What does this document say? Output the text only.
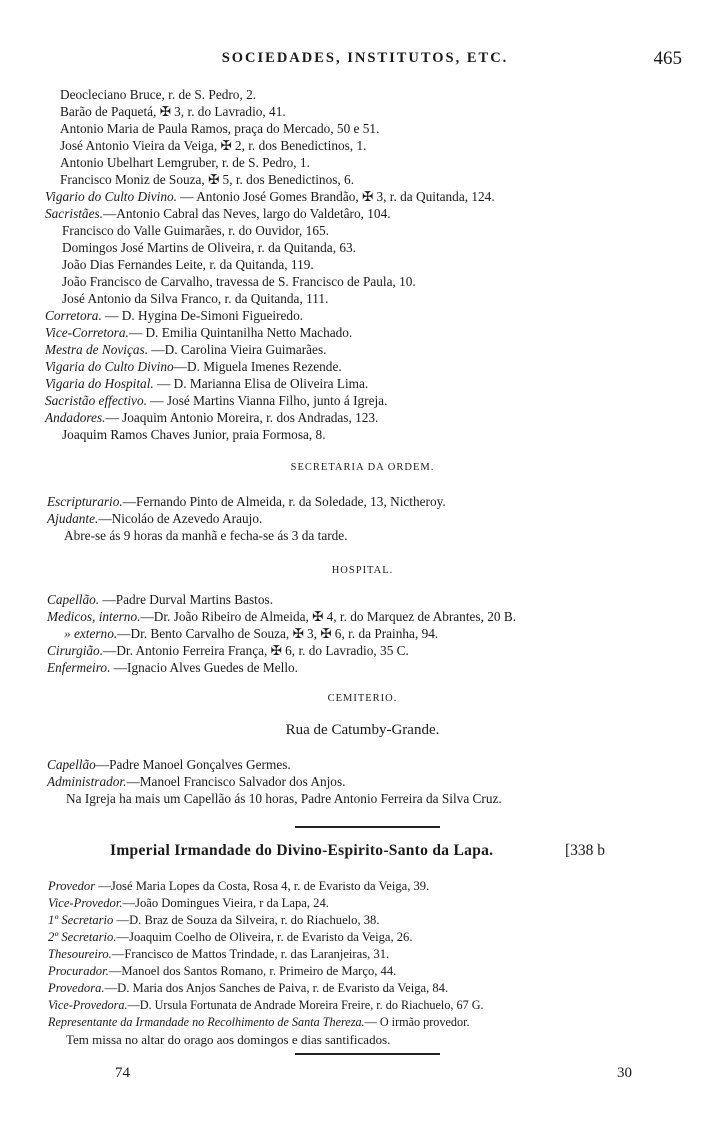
SOCIEDADES, INSTITUTOS, ETC.	465
Deocleciano Bruce, r. de S. Pedro, 2.
Barão de Paquetá, ✠ 3, r. do Lavradio, 41.
Antonio Maria de Paula Ramos, praça do Mercado, 50 e 51.
José Antonio Vieira da Veiga, ✠ 2, r. dos Benedictinos, 1.
Antonio Ubelhart Lemgruber, r. de S. Pedro, 1.
Francisco Moniz de Souza, ✠ 5, r. dos Benedictinos, 6.
Vigario do Culto Divino. — Antonio José Gomes Brandão, ✠ 3, r. da Quitanda, 124.
Sacristães.—Antonio Cabral das Neves, largo do Valdetâro, 104.
Francisco do Valle Guimarães, r. do Ouvidor, 165.
Domingos José Martins de Oliveira, r. da Quitanda, 63.
João Dias Fernandes Leite, r. da Quitanda, 119.
João Francisco de Carvalho, travessa de S. Francisco de Paula, 10.
José Antonio da Silva Franco, r. da Quitanda, 111.
Corretora. — D. Hygina De-Simoni Figueiredo.
Vice-Corretora.— D. Emilia Quintanilha Netto Machado.
Mestra de Noviças. —D. Carolina Vieira Guimarães.
Vigaria do Culto Divino—D. Miguela Imenes Rezende.
Vigaria do Hospital. — D. Marianna Elisa de Oliveira Lima.
Sacristão effectivo. — José Martins Vianna Filho, junto á Igreja.
Andadores.— Joaquim Antonio Moreira, r. dos Andradas, 123.
Joaquim Ramos Chaves Junior, praia Formosa, 8.
SECRETARIA DA ORDEM.
Escripturario.—Fernando Pinto de Almeida, r. da Soledade, 13, Nictheroy.
Ajudante.—Nicoláo de Azevedo Araujo.
Abre-se ás 9 horas da manhã e fecha-se ás 3 da tarde.
HOSPITAL.
Capellão. —Padre Durval Martins Bastos.
Medicos, interno.—Dr. João Ribeiro de Almeida, ✠ 4, r. do Marquez de Abrantes, 20 B.
» externo.—Dr. Bento Carvalho de Souza, ✠ 3, ✠ 6, r. da Prainha, 94.
Cirurgião.—Dr. Antonio Ferreira França, ✠ 6, r. do Lavradio, 35 C.
Enfermeiro. —Ignacio Alves Guedes de Mello.
CEMITERIO.
Rua de Catumby-Grande.
Capellão—Padre Manoel Gonçalves Germes.
Administrador.—Manoel Francisco Salvador dos Anjos.
Na Igreja ha mais um Capellão ás 10 horas, Padre Antonio Ferreira da Silva Cruz.
Imperial Irmandade do Divino-Espirito-Santo da Lapa.	[338 b
Provedor —José Maria Lopes da Costa, Rosa 4, r. de Evaristo da Veiga, 39.
Vice-Provedor.—João Domingues Vieira, r da Lapa, 24.
1º Secretario —D. Braz de Souza da Silveira, r. do Riachuelo, 38.
2º Secretario.—Joaquim Coelho de Oliveira, r. de Evaristo da Veiga, 26.
Thesoureiro.—Francisco de Mattos Trindade, r. das Laranjeiras, 31.
Procurador.—Manoel dos Santos Romano, r. Primeiro de Março, 44.
Provedora.—D. Maria dos Anjos Sanches de Paiva, r. de Evaristo da Veiga, 84.
Vice-Provedora.—D. Ursula Fortunata de Andrade Moreira Freire, r. do Riachuelo, 67 G.
Representante da Irmandade no Recolhimento de Santa Thereza.— O irmão provedor.
Tem missa no altar do orago aos domingos e dias santificados.
74	30
